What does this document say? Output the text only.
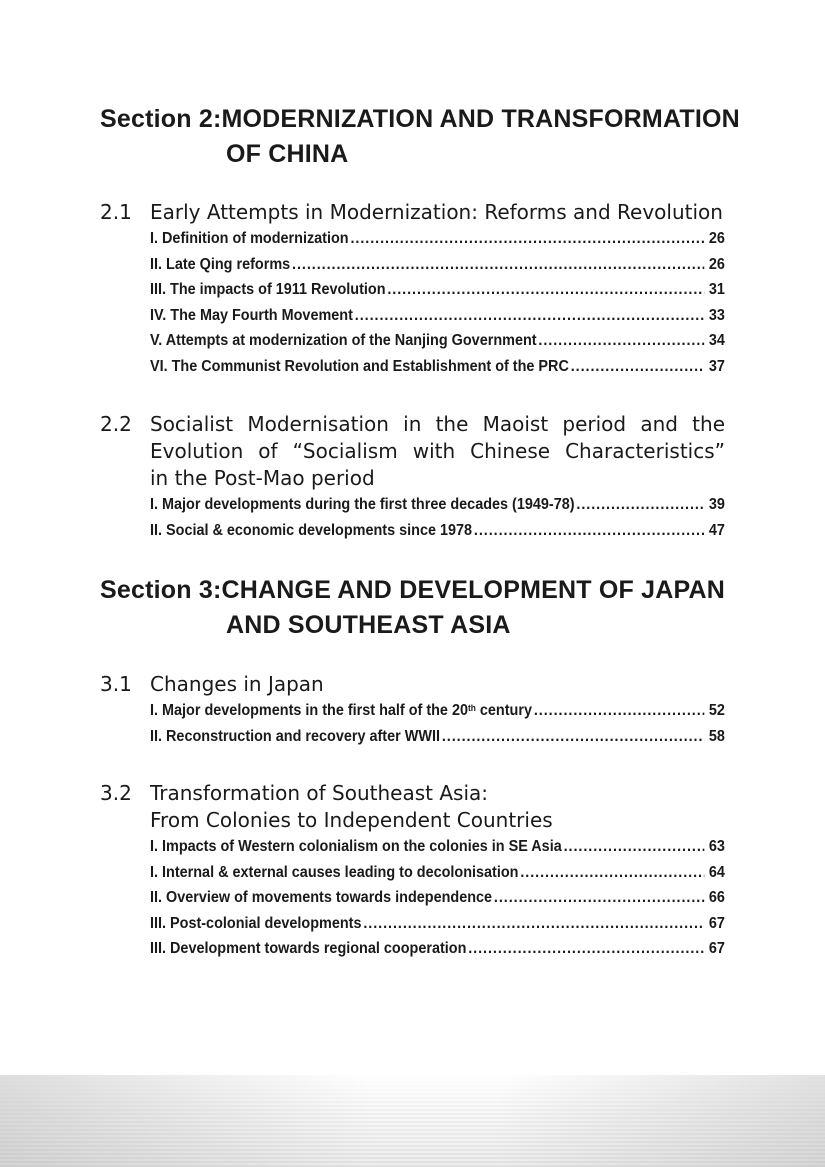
Section 2: MODERNIZATION AND TRANSFORMATION
OF CHINA
2.1 Early Attempts in Modernization: Reforms and Revolution
I. Definition of modernization .....	26
II. Late Qing reforms .....	26
III. The impacts of 1911 Revolution .....	31
IV. The May Fourth Movement .....	33
V. Attempts at modernization of the Nanjing Government .....	34
VI. The Communist Revolution and Establishment of the PRC .....	37
2.2 Socialist Modernisation in the Maoist period and the
Evolution of “Socialism with Chinese Characteristics”
in the Post-Mao period
I. Major developments during the first three decades (1949-78) .....	39
II. Social & economic developments since 1978 .....	47
Section 3: CHANGE AND DEVELOPMENT OF JAPAN
AND SOUTHEAST ASIA
3.1 Changes in Japan
I. Major developments in the first half of the 20th century .....	52
II. Reconstruction and recovery after WWII .....	58
3.2 Transformation of Southeast Asia:
From Colonies to Independent Countries
I. Impacts of Western colonialism on the colonies in SE Asia .....	63
I. Internal & external causes leading to decolonisation .....	64
II. Overview of movements towards independence .....	66
III. Post-colonial developments .....	67
III. Development towards regional cooperation .....	67
